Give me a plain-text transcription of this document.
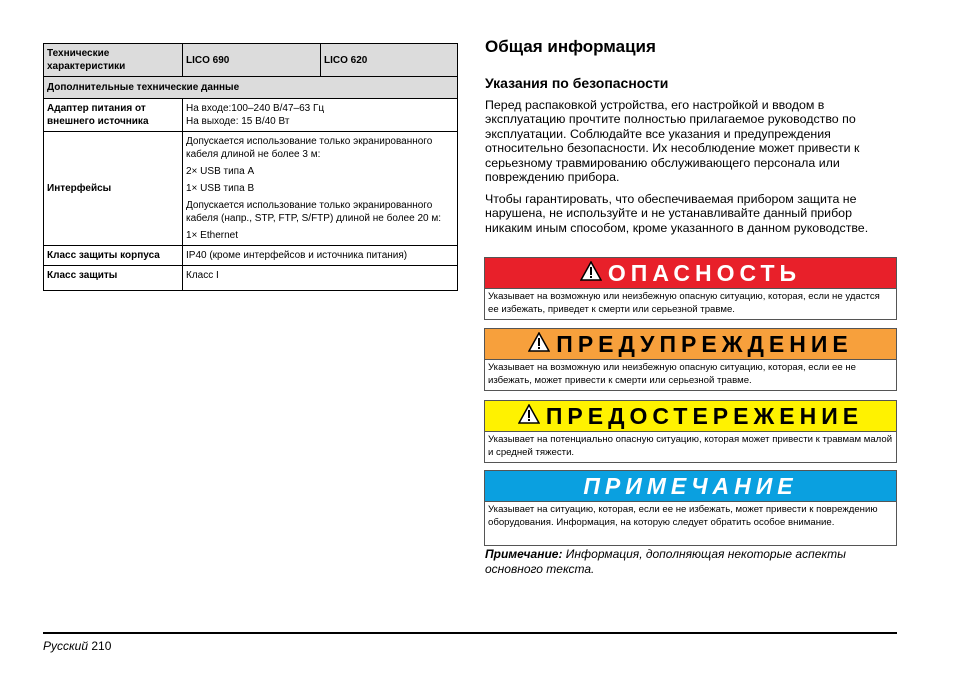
Технические характеристики	LICO 690	LICO 620
Дополнительные технические данные		
Адаптер питания от внешнего источника	На входе:100–240 В/47–63 Гц
На выходе: 15 В/40 Вт	

Интерфейсы	Допускается использование только экранированного кабеля длиной не более 3 м:

2× USB типа A

1× USB типа B

Допускается использование только экранированного кабеля (напр., STP, FTP, S/FTP) длиной не более 20 м:

1× Ethernet	

Класс защиты корпуса	IP40 (кроме интерфейсов и источника питания)	
Класс защиты	Класс I	
Общая информация
Указания по безопасности

Перед распаковкой устройства, его настройкой и вводом в эксплуатацию прочтите полностью прилагаемое руководство по эксплуатации. Соблюдайте все указания и предупреждения относительно безопасности. Их несоблюдение может привести к серьезному травмированию обслуживающего персонала или повреждению прибора.

Чтобы гарантировать, что обеспечиваемая прибором защита не нарушена, не используйте и не устанавливайте данный прибор никаким иным способом, кроме указанного в данном руководстве.

ОПАСНОСТЬ
Указывает на возможную или неизбежную опасную ситуацию, которая, если не удастся ее избежать, приведет к смерти или серьезной травме.
ПРЕДУПРЕЖДЕНИЕ
Указывает на возможную или неизбежную опасную ситуацию, которая, если ее не избежать, может привести к смерти или серьезной травме.
ПРЕДОСТЕРЕЖЕНИЕ
Указывает на потенциально опасную ситуацию, которая может привести к травмам малой и средней тяжести.
ПРИМЕЧАНИЕ
Указывает на ситуацию, которая, если ее не избежать, может привести к повреждению оборудования. Информация, на которую следует обратить особое внимание.

Примечание: Информация, дополняющая некоторые аспекты основного текста.

Русский 210
